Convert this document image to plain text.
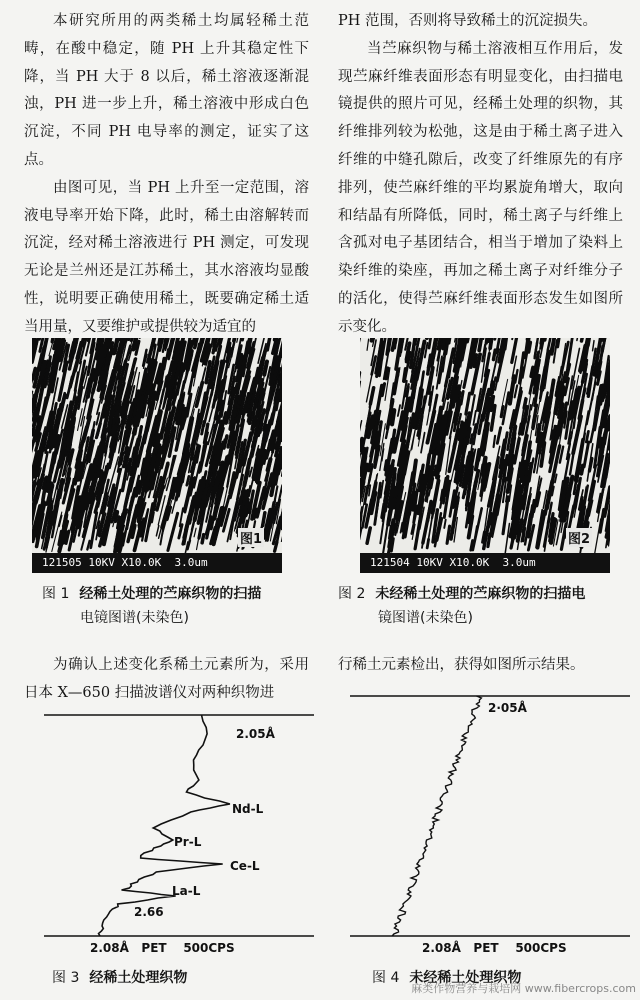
本研究所用的两类稀土均属轻稀土范畴，在酸中稳定，随 PH 上升其稳定性下降，当 PH 大于 8 以后，稀土溶液逐渐混浊，PH 进一步上升，稀土溶液中形成白色沉淀，不同 PH 电导率的测定，证实了这点。

由图可见，当 PH 上升至一定范围，溶液电导率开始下降，此时，稀土由溶解转而沉淀，经对稀土溶液进行 PH 测定，可发现无论是兰州还是江苏稀土，其水溶液均显酸性，说明要正确使用稀土，既要确定稀土适当用量，又要维护或提供较为适宜的

PH 范围，否则将导致稀土的沉淀损失。

当苎麻织物与稀土溶液相互作用后，发现苎麻纤维表面形态有明显变化，由扫描电镜提供的照片可见，经稀土处理的织物，其纤维排列较为松弛，这是由于稀土离子进入纤维的中缝孔隙后，改变了纤维原先的有序排列，使苎麻纤维的平均累旋角增大，取向和结晶有所降低，同时，稀土离子与纤维上含孤对电子基团结合，相当于增加了染料上染纤维的染座，再加之稀土离子对纤维分子的活化，使得苎麻纤维表面形态发生如图所示变化。

图1
121505 10KV X10.0K  3.0um
图2
121504 10KV X10.0K  3.0um
图 1 经稀土处理的苎麻织物的扫描
电镜图谱(未染色)
图 2 未经稀土处理的苎麻织物的扫描电
镜图谱(未染色)
为确认上述变化系稀土元素所为，采用日本 X—650 扫描波谱仪对两种织物进
行稀土元素检出，获得如图所示结果。
2.05Å
Nd-L
Pr-L
Ce-L
La-L
2.66
2.08Å   PET    500CPS
2·05Å
2.08Å   PET    500CPS
图 3 经稀土处理织物	图 4 未经稀土处理织物
麻类作物营养与栽培网 www.fibercrops.com
